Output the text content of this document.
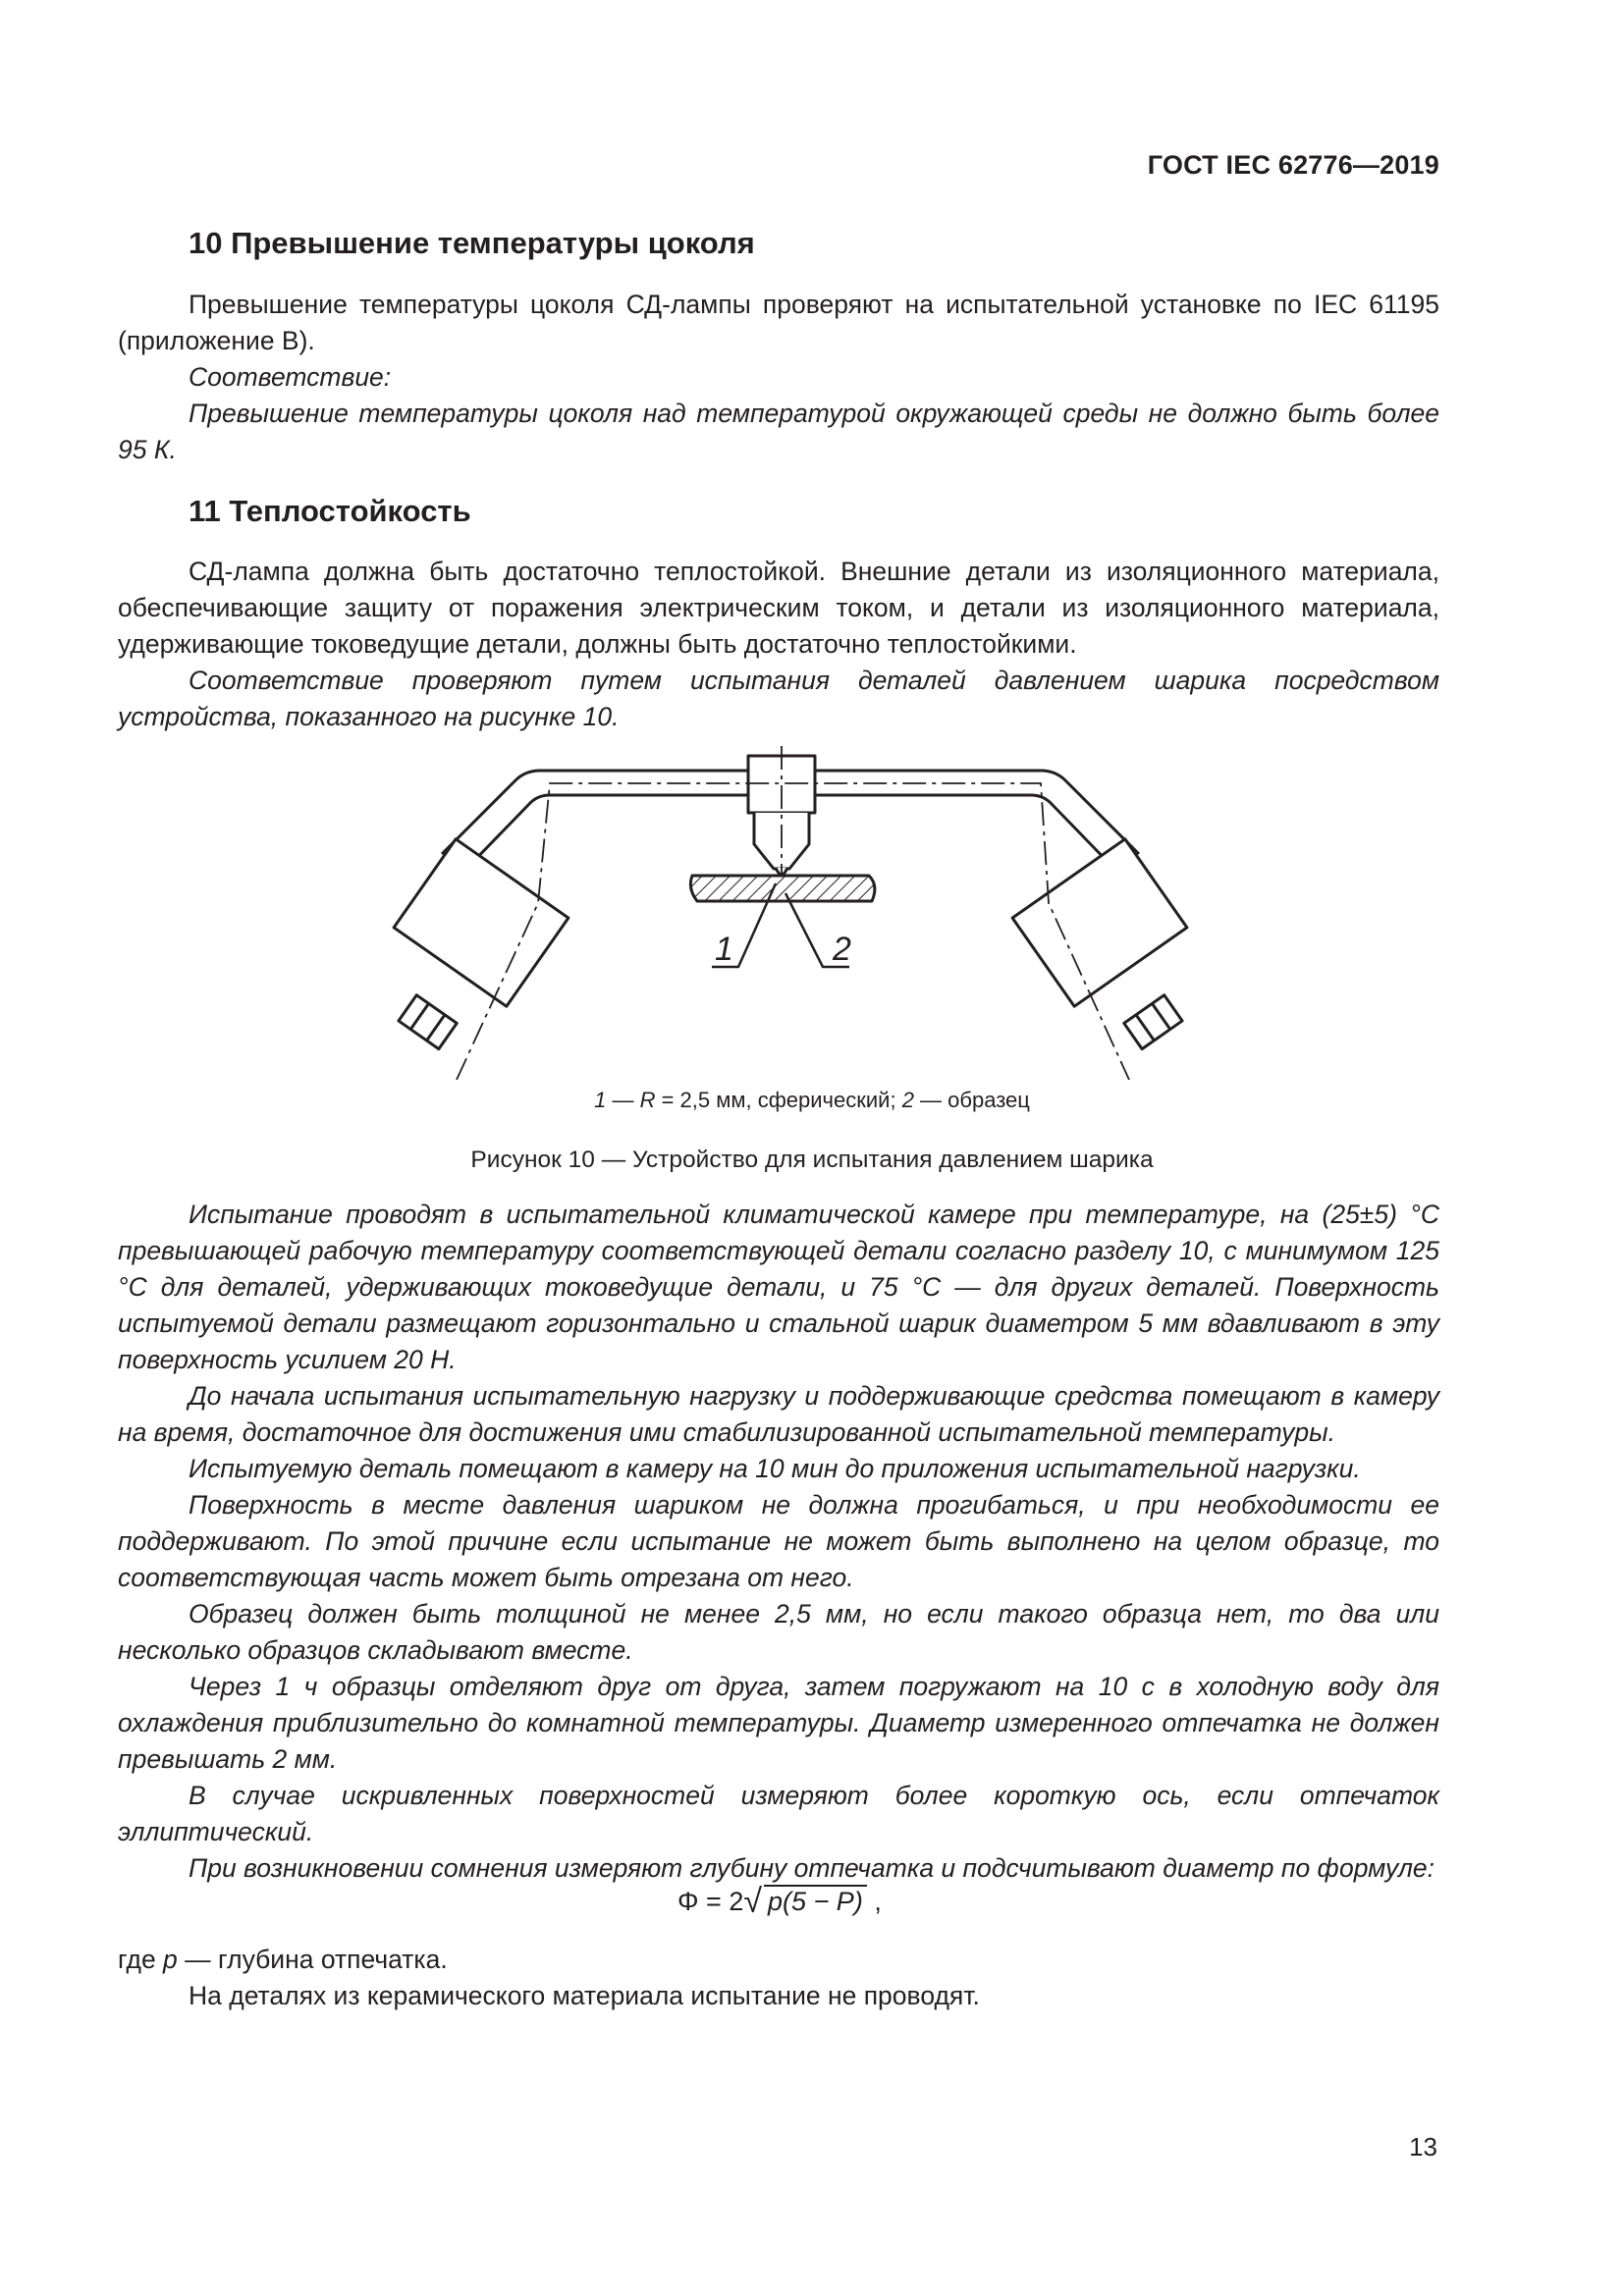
ГОСТ IEC 62776—2019
10 Превышение температуры цоколя

Превышение температуры цоколя СД-лампы проверяют на испытательной установке по IEC 61195 (приложение В).

Соответствие:

Превышение температуры цоколя над температурой окружающей среды не должно быть более 95 К.

11 Теплостойкость

СД-лампа должна быть достаточно теплостойкой. Внешние детали из изоляционного материала, обеспечивающие защиту от поражения электрическим током, и детали из изоляционного материала, удерживающие токоведущие детали, должны быть достаточно теплостойкими.

Соответствие проверяют путем испытания деталей давлением шарика посредством устройства, показанного на рисунке 10.

1	2
1 — R = 2,5 мм, сферический; 2 — образец
Рисунок 10 — Устройство для испытания давлением шарика

Испытание проводят в испытательной климатической камере при температуре, на (25±5) °С превышающей рабочую температуру соответствующей детали согласно разделу 10, с минимумом 125 °С для деталей, удерживающих токоведущие детали, и 75 °С — для других деталей. Поверхность испытуемой детали размещают горизонтально и стальной шарик диаметром 5 мм вдавливают в эту поверхность усилием 20 Н.

До начала испытания испытательную нагрузку и поддерживающие средства помещают в камеру на время, достаточное для достижения ими стабилизированной испытательной температуры.

Испытуемую деталь помещают в камеру на 10 мин до приложения испытательной нагрузки.

Поверхность в месте давления шариком не должна прогибаться, и при необходимости ее поддерживают. По этой причине если испытание не может быть выполнено на целом образце, то соответствующая часть может быть отрезана от него.

Образец должен быть толщиной не менее 2,5 мм, но если такого образца нет, то два или несколько образцов складывают вместе.

Через 1 ч образцы отделяют друг от друга, затем погружают на 10 с в холодную воду для охлаждения приблизительно до комнатной температуры. Диаметр измеренного отпечатка не должен превышать 2 мм.

В случае искривленных поверхностей измеряют более короткую ось, если отпечаток эллиптический.

При возникновении сомнения измеряют глубину отпечатка и подсчитывают диаметр по формуле:

Φ = 2√ p(5 − P) ,

где p — глубина отпечатка.

На деталях из керамического материала испытание не проводят.

13
